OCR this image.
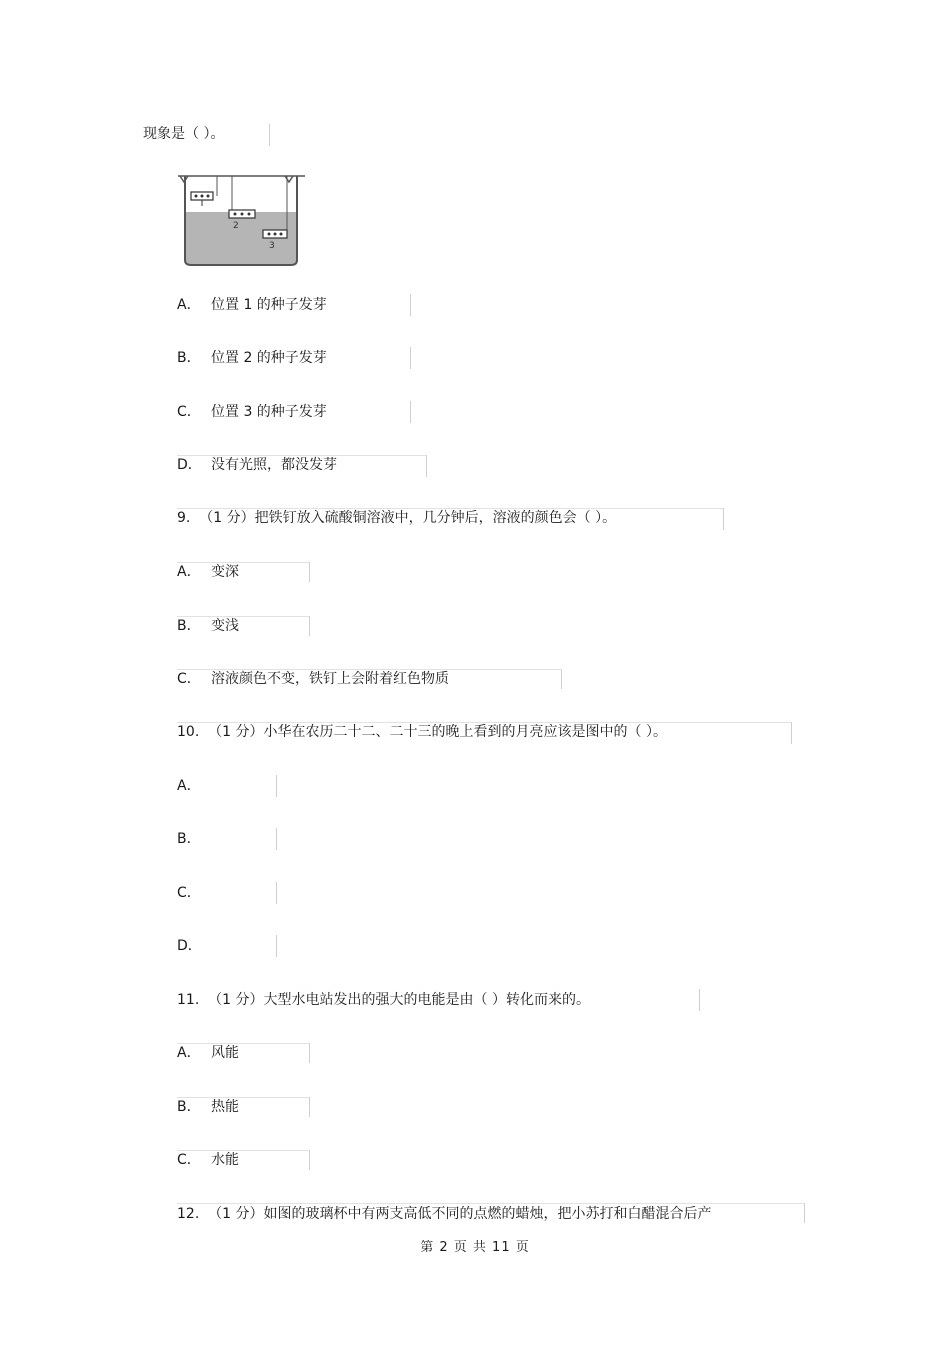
现象是（ ）。
2
3
A． 位置 1 的种子发芽
B． 位置 2 的种子发芽
C． 位置 3 的种子发芽
D． 没有光照，都没发芽
9. （1 分）把铁钉放入硫酸铜溶液中，几分钟后，溶液的颜色会（ ）。
A． 变深
B． 变浅
C． 溶液颜色不变，铁钉上会附着红色物质
10. （1 分）小华在农历二十二、二十三的晚上看到的月亮应该是图中的（ ）。
A．
B．
C．
D．
11. （1 分）大型水电站发出的强大的电能是由（ ）转化而来的。
A． 风能
B． 热能
C． 水能
12. （1 分）如图的玻璃杯中有两支高低不同的点燃的蜡烛，把小苏打和白醋混合后产
第 2 页 共 11 页
